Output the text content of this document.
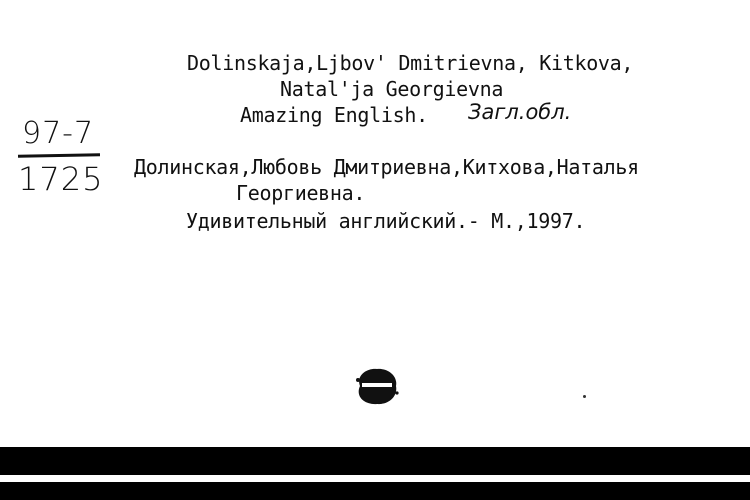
Dolinskaja,Ljbov' Dmitrievna, Kitkova,
Natal'ja Georgievna
Amazing English. Загл.обл.
97-7
1725 Долинская,Любовь Дмитриевна,Китхова,Наталья
Георгиевна.
Удивительный английский.- М.,1997.
